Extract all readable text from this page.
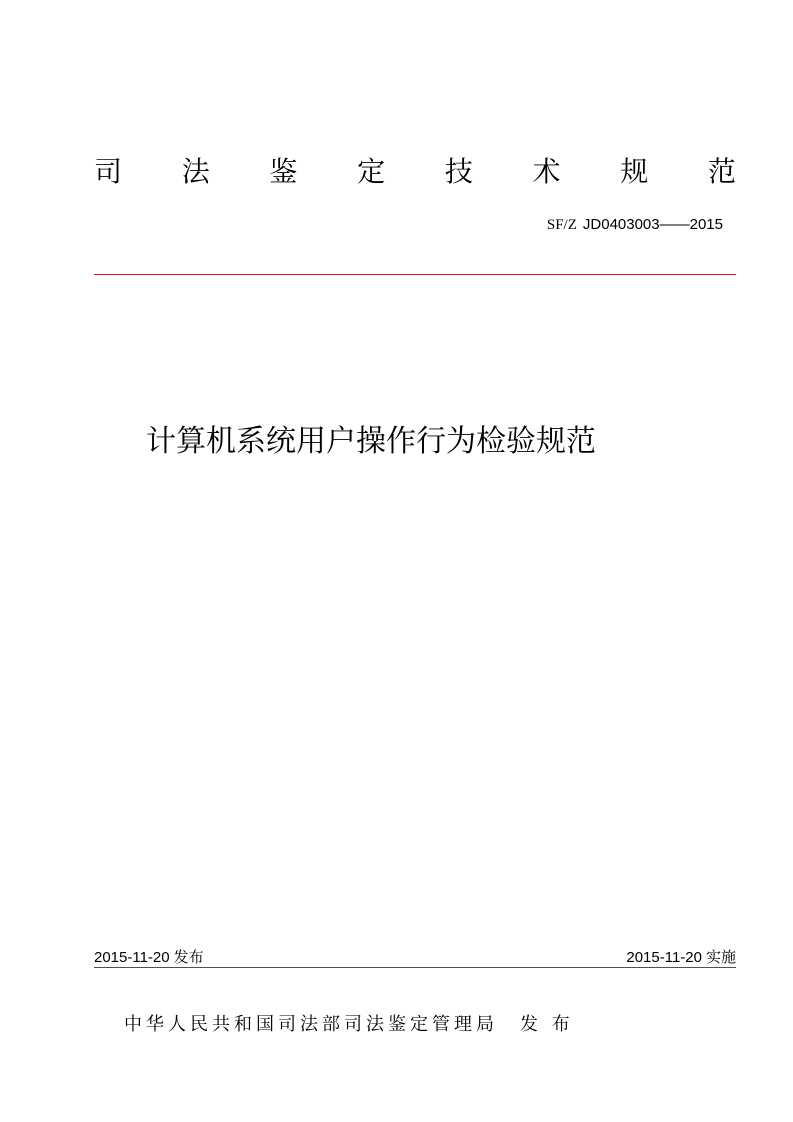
司 法 鉴 定 技 术 规 范
SF/Z JD0403003——2015
计算机系统用户操作行为检验规范
2015-11-20 发布	2015-11-20 实施
中华人民共和国司法部司法鉴定管理局 发 布
